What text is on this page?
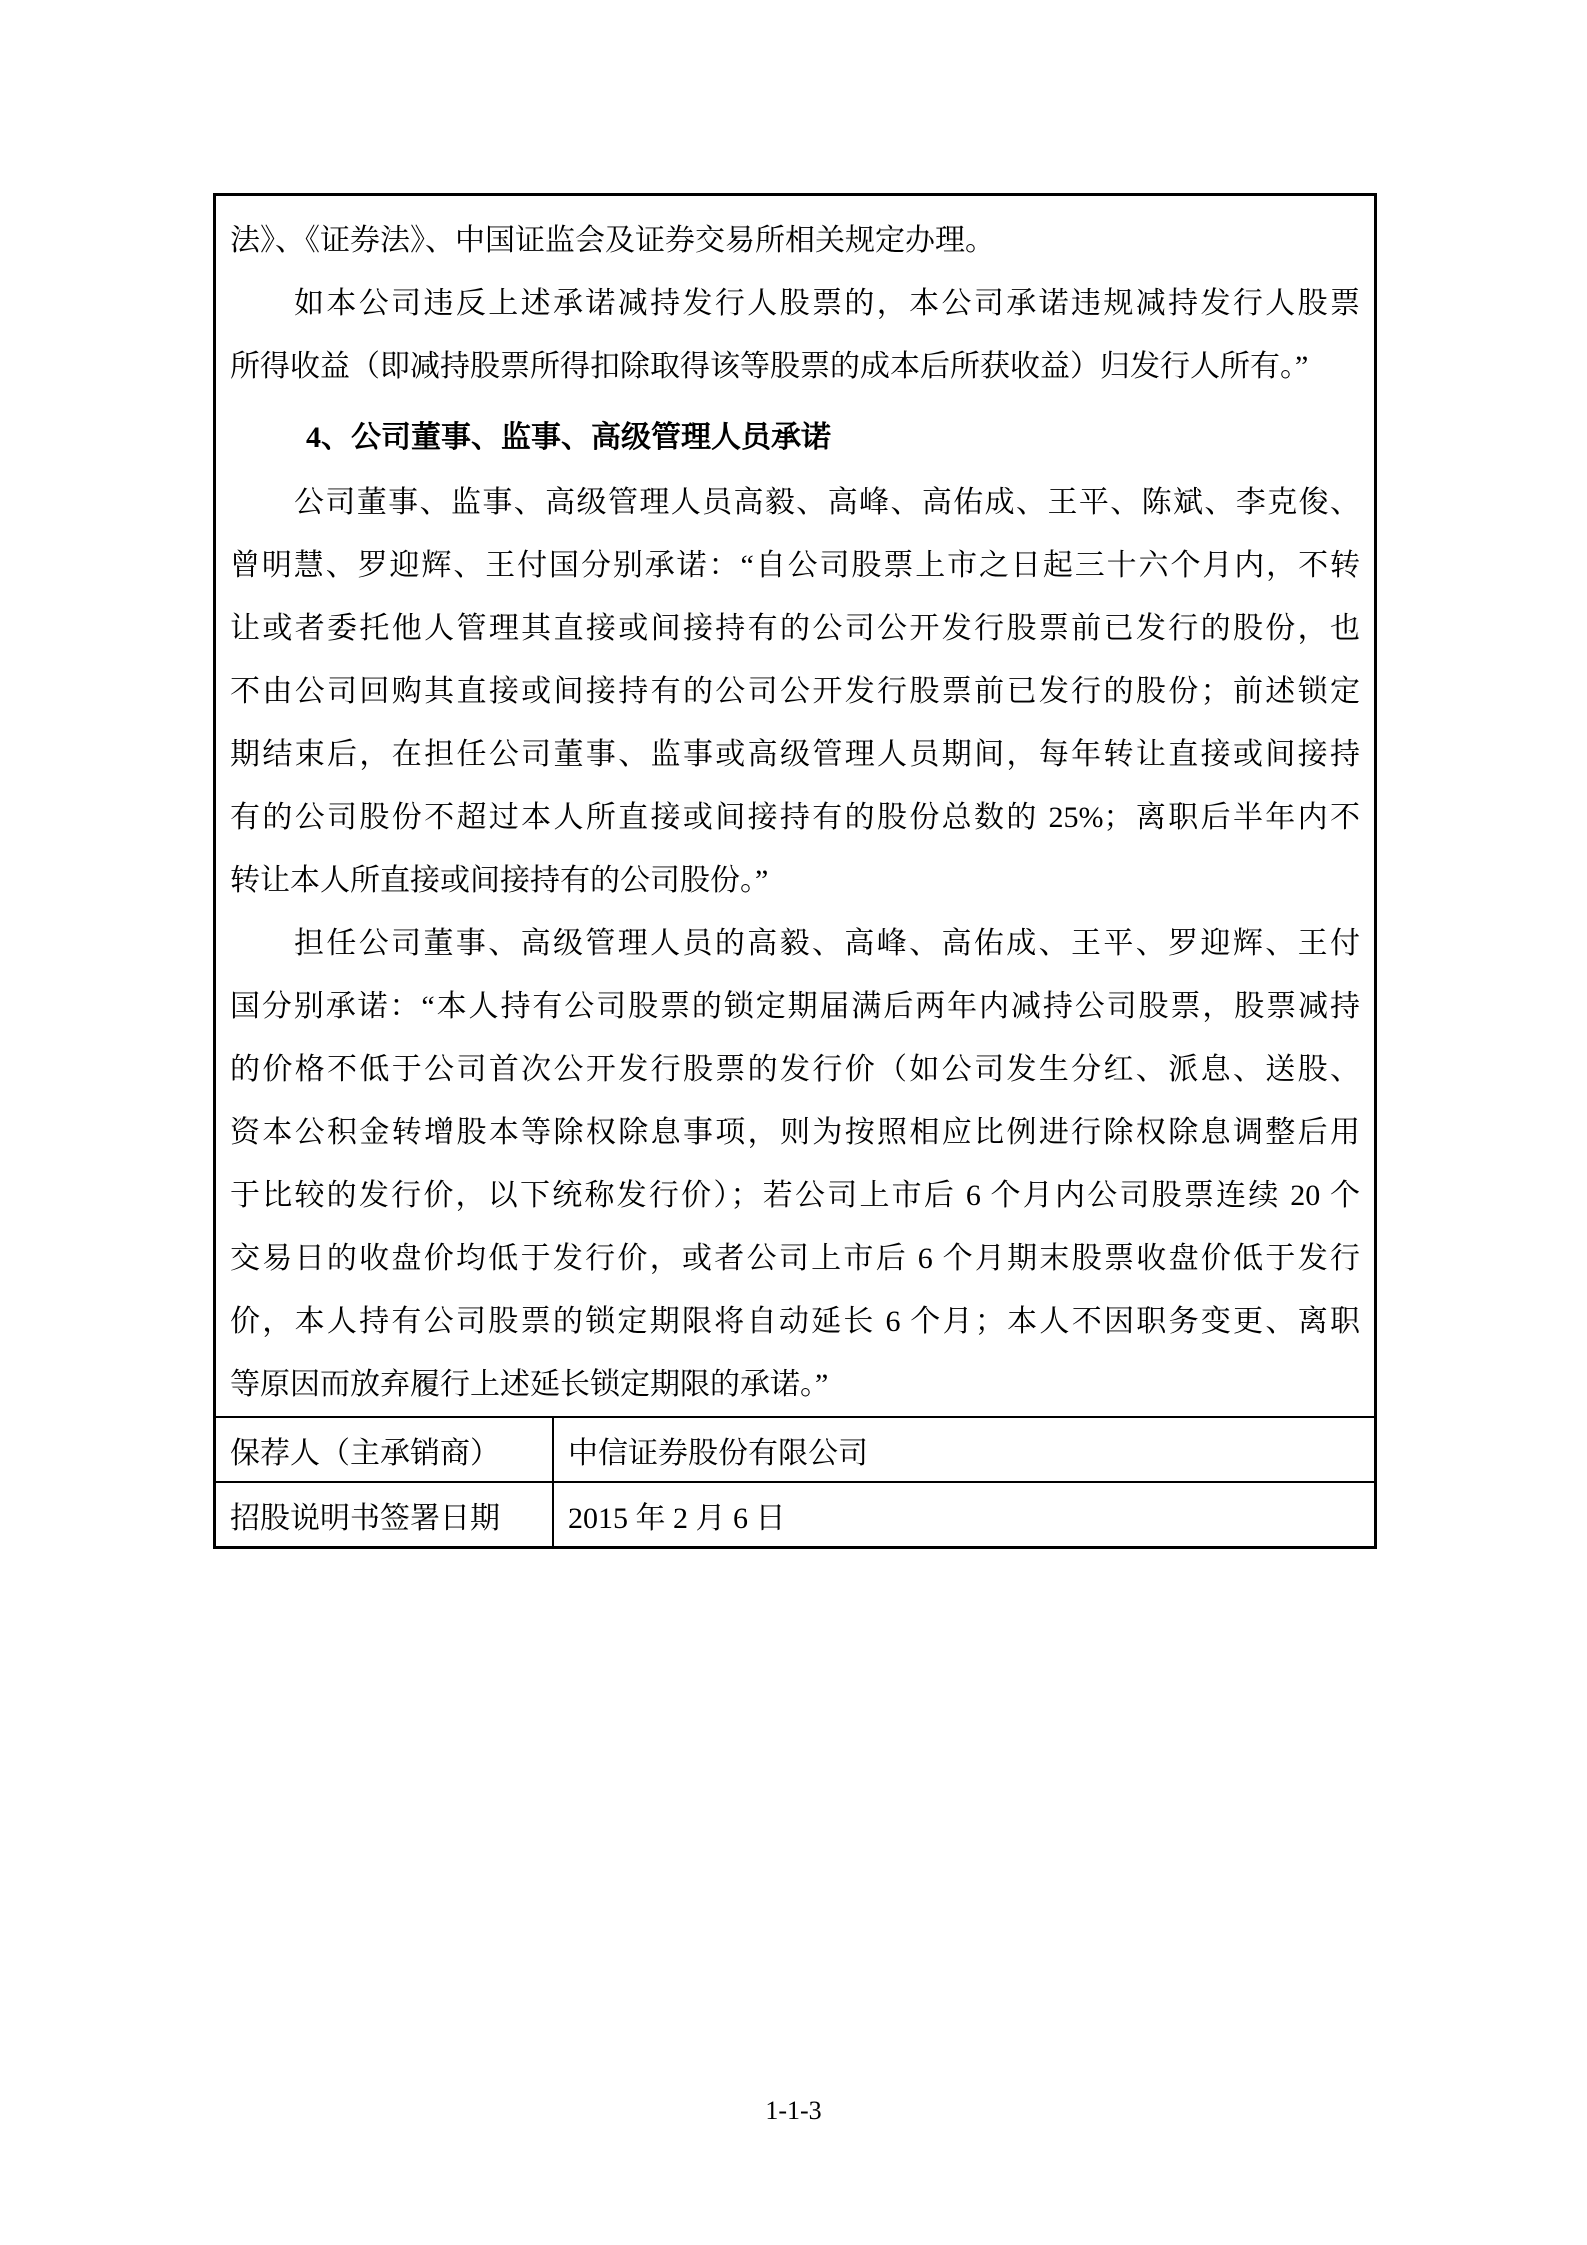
法》、《证券法》、中国证监会及证券交易所相关规定办理。
如本公司违反上述承诺减持发行人股票的，本公司承诺违规减持发行人股票
所得收益（即减持股票所得扣除取得该等股票的成本后所获收益）归发行人所有。”
4、公司董事、监事、高级管理人员承诺
公司董事、监事、高级管理人员高毅、高峰、高佑成、王平、陈斌、李克俊、
曾明慧、罗迎辉、王付国分别承诺：“自公司股票上市之日起三十六个月内，不转
让或者委托他人管理其直接或间接持有的公司公开发行股票前已发行的股份，也
不由公司回购其直接或间接持有的公司公开发行股票前已发行的股份；前述锁定
期结束后，在担任公司董事、监事或高级管理人员期间，每年转让直接或间接持
有的公司股份不超过本人所直接或间接持有的股份总数的 25%；离职后半年内不
转让本人所直接或间接持有的公司股份。”
担任公司董事、高级管理人员的高毅、高峰、高佑成、王平、罗迎辉、王付
国分别承诺：“本人持有公司股票的锁定期届满后两年内减持公司股票，股票减持
的价格不低于公司首次公开发行股票的发行价（如公司发生分红、派息、送股、
资本公积金转增股本等除权除息事项，则为按照相应比例进行除权除息调整后用
于比较的发行价，以下统称发行价）；若公司上市后 6 个月内公司股票连续 20 个
交易日的收盘价均低于发行价，或者公司上市后 6 个月期末股票收盘价低于发行
价，本人持有公司股票的锁定期限将自动延长 6 个月；本人不因职务变更、离职
等原因而放弃履行上述延长锁定期限的承诺。”
保荐人（主承销商）	中信证券股份有限公司
招股说明书签署日期	2015 年 2 月 6 日
1-1-3
